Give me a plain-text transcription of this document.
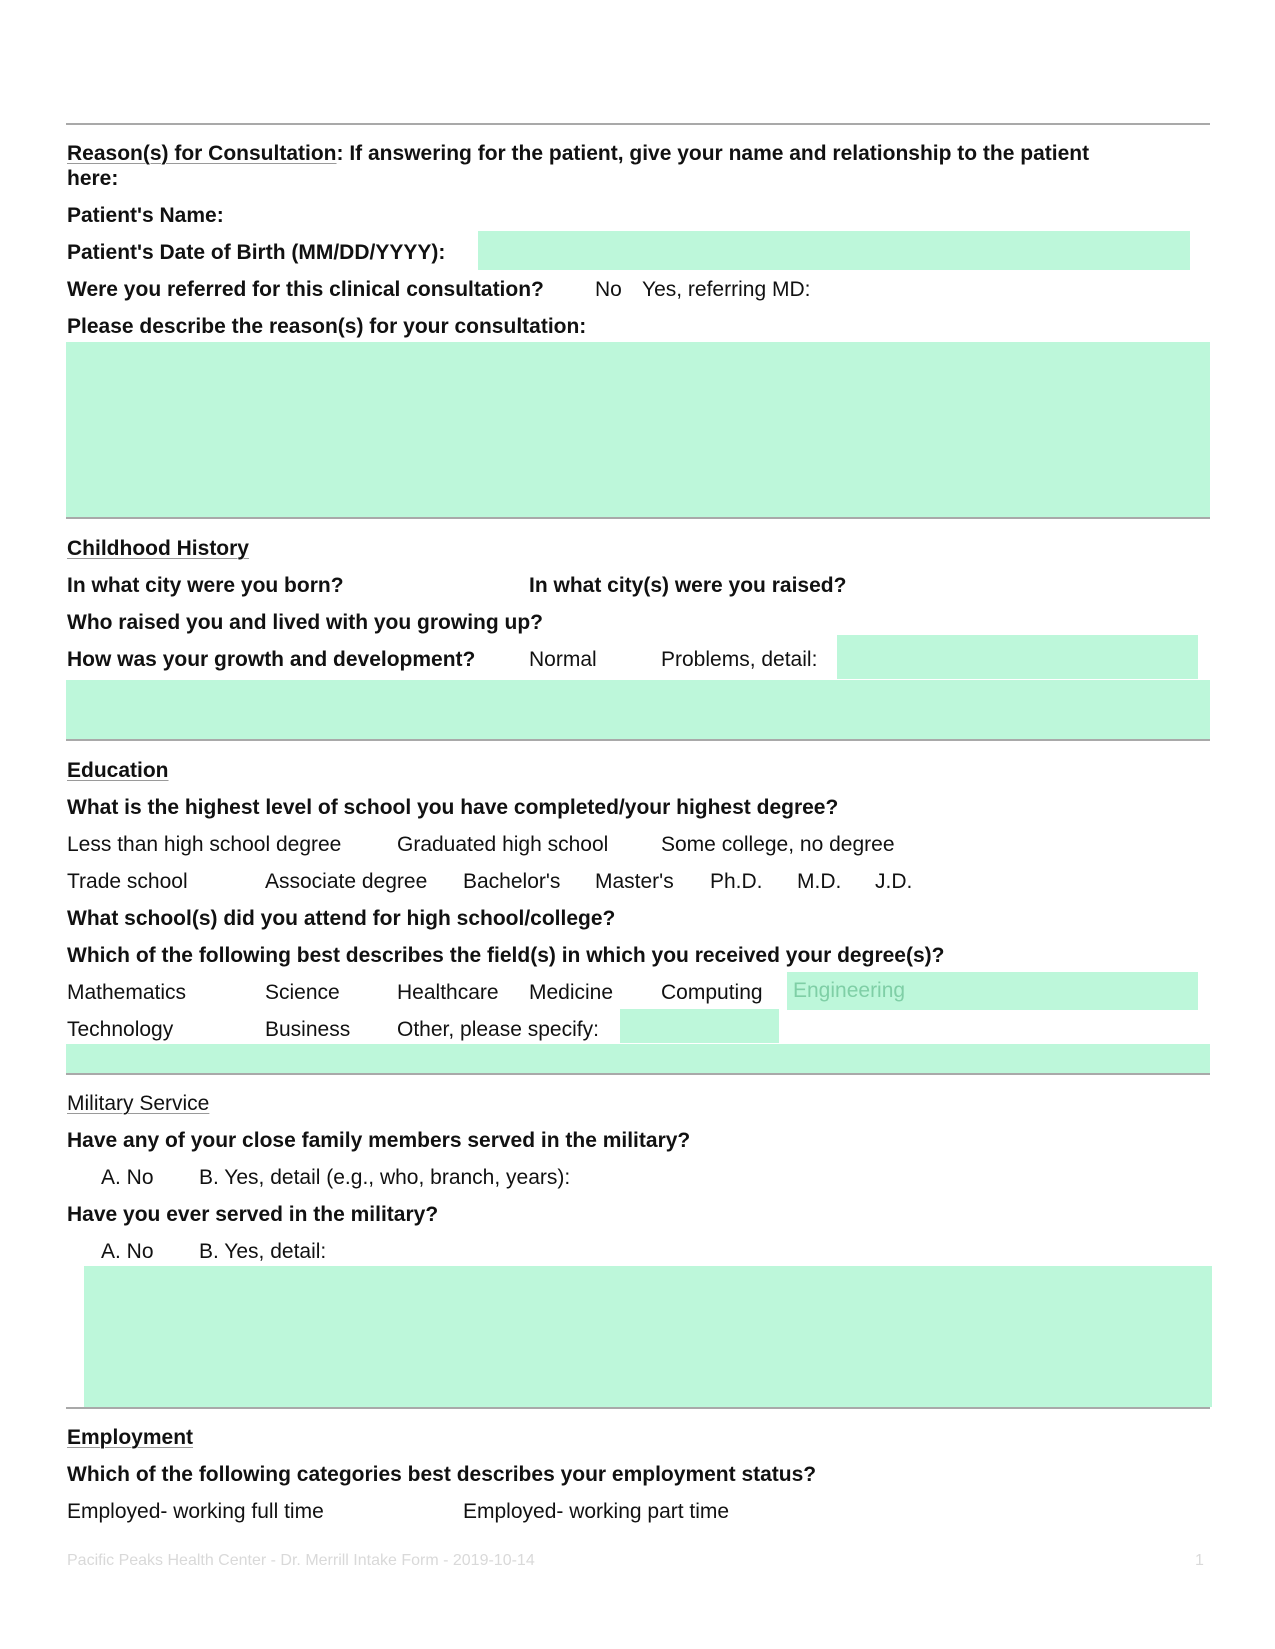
Reason(s) for Consultation: If answering for the patient, give your name and relationship to the patient
here:
Patient's Name:
Patient's Date of Birth (MM/DD/YYYY):
Were you referred for this clinical consultation? No Yes, referring MD:
Please describe the reason(s) for your consultation:
Childhood History
In what city were you born?	In what city(s) were you raised?
Who raised you and lived with you growing up?
How was your growth and development?	Normal	Problems, detail:
Education
What is the highest level of school you have completed/your highest degree?
Less than high school degree	Graduated high school	Some college, no degree
Trade school	Associate degree Bachelor's Master's Ph.D. M.D. J.D.
What school(s) did you attend for high school/college?
Which of the following best describes the field(s) in which you received your degree(s)?
Mathematics	Science	Healthcare Medicine Computing Engineering
Technology	Business Other, please specify:
Military Service
Have any of your close family members served in the military?
A. No B. Yes, detail (e.g., who, branch, years):
Have you ever served in the military?
A. No B. Yes, detail:
Employment
Which of the following categories best describes your employment status?
Employed- working full time	Employed- working part time
Pacific Peaks Health Center - Dr. Merrill Intake Form - 2019-10-14	1
